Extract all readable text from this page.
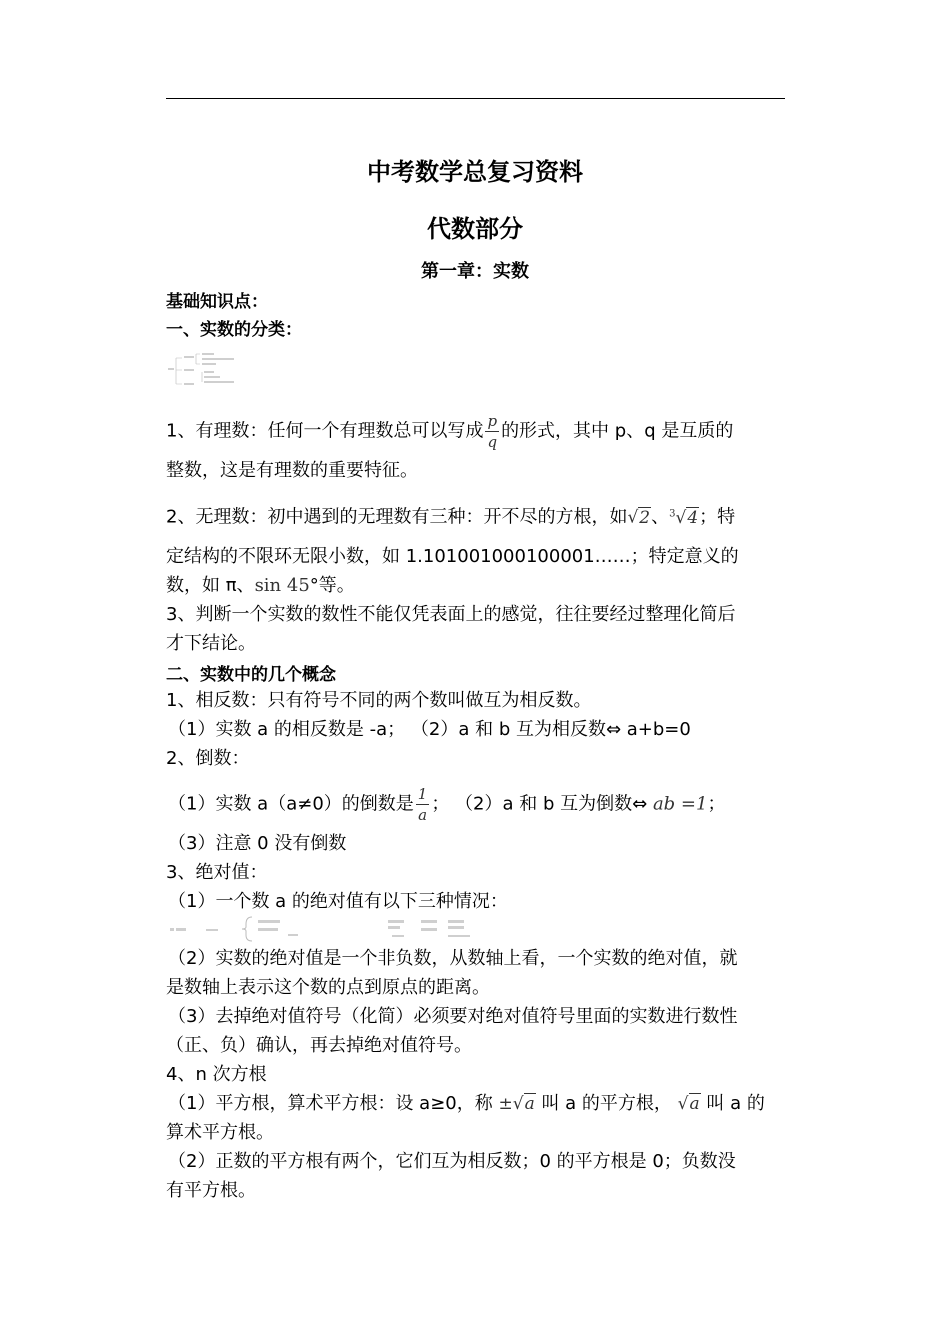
中考数学总复习资料
代数部分
第一章：实数
基础知识点：
一、实数的分类：
1、有理数：任何一个有理数总可以写成 $\frac{p}{q}$ 的形式，其中 p、q 是互质的
整数，这是有理数的重要特征。
2、无理数：初中遇到的无理数有三种：开不尽的方根，如√2、$^3$√4；特
定结构的不限环无限小数，如 1.101001000100001……；特定意义的
数，如 π、sin 45°等。
3、判断一个实数的数性不能仅凭表面上的感觉，往往要经过整理化简后
才下结论。
二、实数中的几个概念
1、相反数：只有符号不同的两个数叫做互为相反数。
（1）实数 a 的相反数是 -a； （2）a 和 b 互为相反数⇔ a+b=0
2、倒数：
（1）实数 a（a≠0）的倒数是 $\frac{1}{a}$ ； （2）a 和 b 互为倒数⇔ ab =1；
（3）注意 0 没有倒数
3、绝对值：
（1）一个数 a 的绝对值有以下三种情况：
（2）实数的绝对值是一个非负数，从数轴上看，一个实数的绝对值，就
是数轴上表示这个数的点到原点的距离。
（3）去掉绝对值符号（化简）必须要对绝对值符号里面的实数进行数性
（正、负）确认，再去掉绝对值符号。
4、n 次方根
（1）平方根，算术平方根：设 a≥0，称 ±√a 叫 a 的平方根， √a 叫 a 的
算术平方根。
（2）正数的平方根有两个，它们互为相反数；0 的平方根是 0；负数没
有平方根。
